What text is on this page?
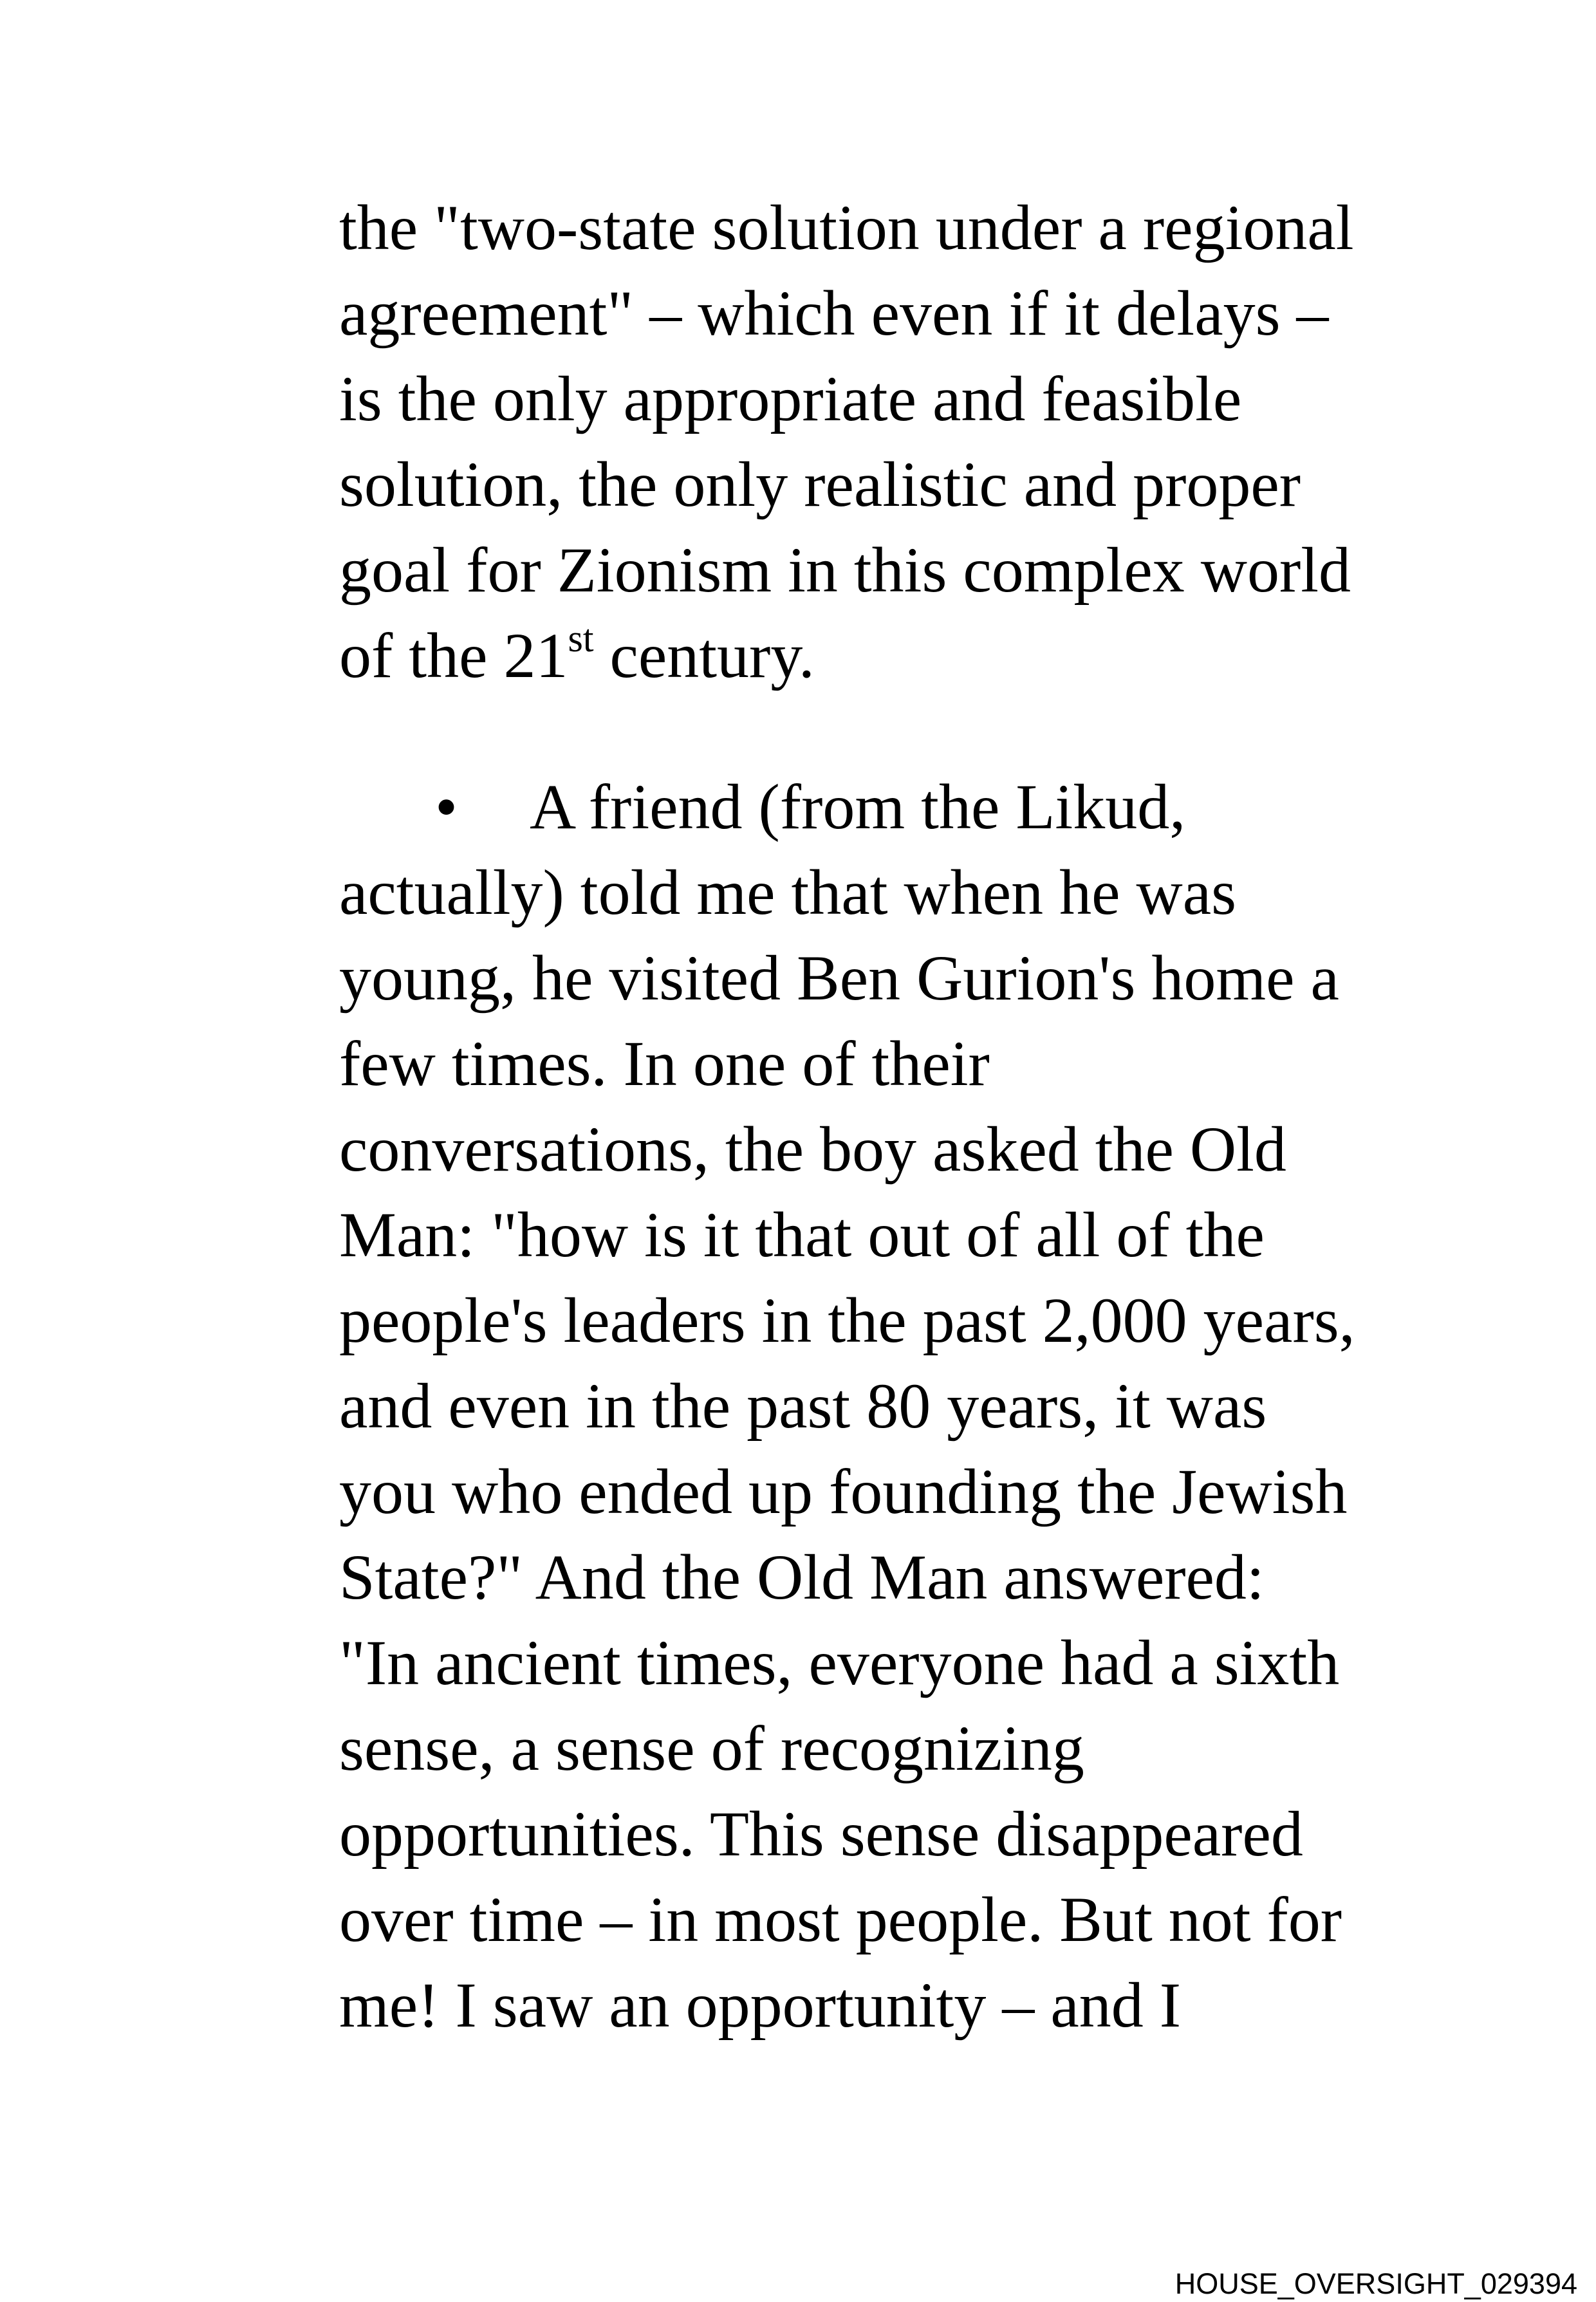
the "two-state solution under a regional
agreement" – which even if it delays –
is the only appropriate and feasible
solution, the only realistic and proper
goal for Zionism in this complex world
of the 21st century.
• A friend (from the Likud,
actually) told me that when he was
young, he visited Ben Gurion's home a
few times. In one of their
conversations, the boy asked the Old
Man: "how is it that out of all of the
people's leaders in the past 2,000 years,
and even in the past 80 years, it was
you who ended up founding the Jewish
State?" And the Old Man answered:
"In ancient times, everyone had a sixth
sense, a sense of recognizing
opportunities. This sense disappeared
over time – in most people. But not for
me! I saw an opportunity – and I
HOUSE_OVERSIGHT_029394
